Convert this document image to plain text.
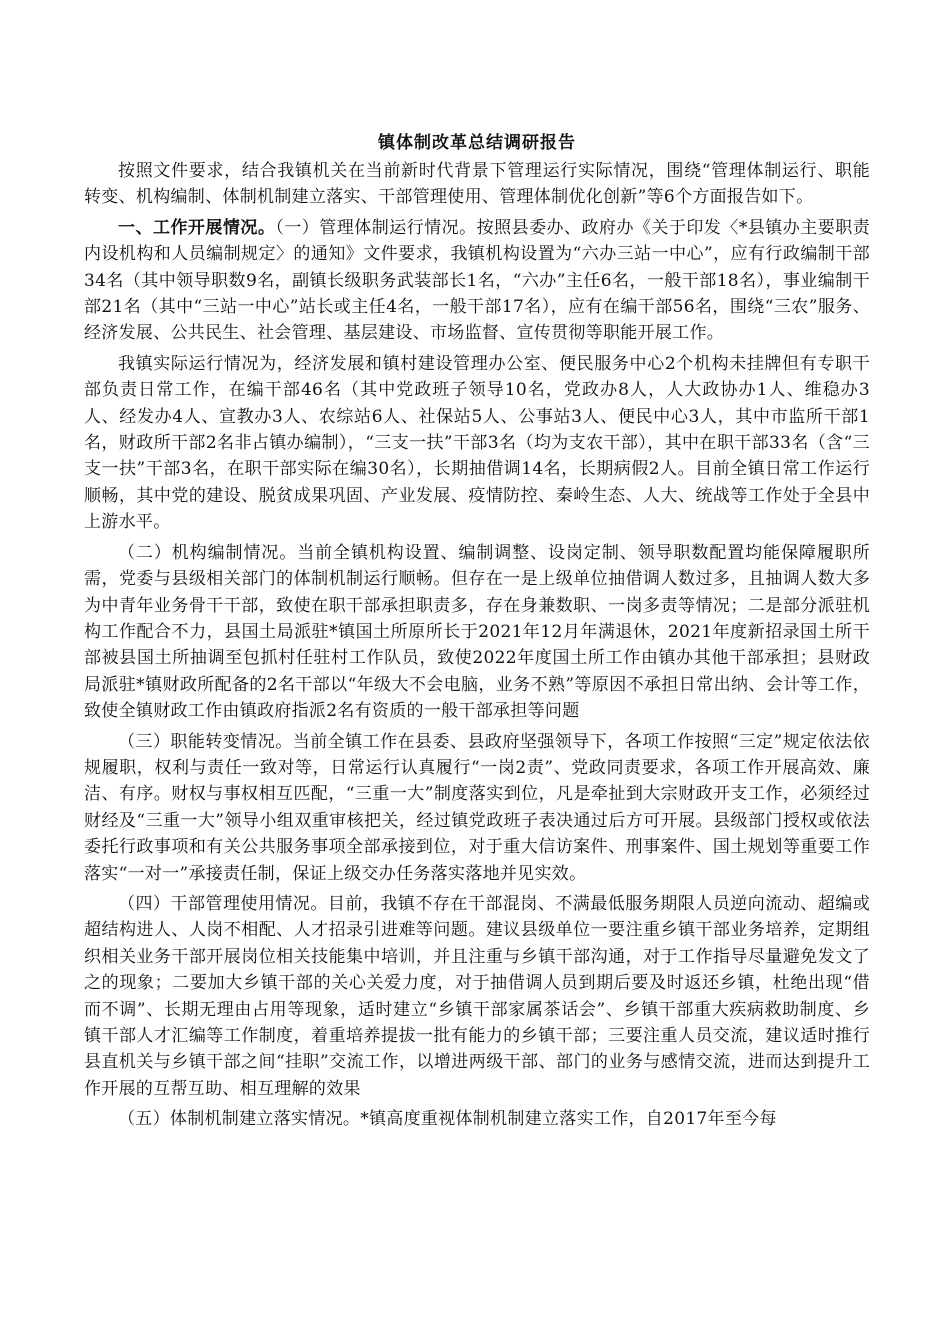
镇体制改革总结调研报告

按照文件要求，结合我镇机关在当前新时代背景下管理运行实际情况，围绕“管理体制运行、职能转变、机构编制、体制机制建立落实、干部管理使用、管理体制优化创新”等6个方面报告如下。

一、工作开展情况。（一）管理体制运行情况。按照县委办、政府办《关于印发〈*县镇办主要职责内设机构和人员编制规定〉的通知》文件要求，我镇机构设置为“六办三站一中心”，应有行政编制干部34名（其中领导职数9名，副镇长级职务武装部长1名，“六办”主任6名，一般干部18名），事业编制干部21名（其中“三站一中心”站长或主任4名，一般干部17名），应有在编干部56名，围绕“三农”服务、经济发展、公共民生、社会管理、基层建设、市场监督、宣传贯彻等职能开展工作。

我镇实际运行情况为，经济发展和镇村建设管理办公室、便民服务中心2个机构未挂牌但有专职干部负责日常工作，在编干部46名（其中党政班子领导10名，党政办8人，人大政协办1人、维稳办3人、经发办4人、宣教办3人、农综站6人、社保站5人、公事站3人、便民中心3人，其中市监所干部1名，财政所干部2名非占镇办编制），“三支一扶”干部3名（均为支农干部），其中在职干部33名（含“三支一扶”干部3名，在职干部实际在编30名），长期抽借调14名，长期病假2人。目前全镇日常工作运行顺畅，其中党的建设、脱贫成果巩固、产业发展、疫情防控、秦岭生态、人大、统战等工作处于全县中上游水平。

（二）机构编制情况。当前全镇机构设置、编制调整、设岗定制、领导职数配置均能保障履职所需，党委与县级相关部门的体制机制运行顺畅。但存在一是上级单位抽借调人数过多，且抽调人数大多为中青年业务骨干干部，致使在职干部承担职责多，存在身兼数职、一岗多责等情况；二是部分派驻机构工作配合不力，县国土局派驻*镇国土所原所长于2021年12月年满退休，2021年度新招录国土所干部被县国土所抽调至包抓村任驻村工作队员，致使2022年度国土所工作由镇办其他干部承担；县财政局派驻*镇财政所配备的2名干部以“年级大不会电脑，业务不熟”等原因不承担日常出纳、会计等工作，致使全镇财政工作由镇政府指派2名有资质的一般干部承担等问题

（三）职能转变情况。当前全镇工作在县委、县政府坚强领导下，各项工作按照“三定”规定依法依规履职，权利与责任一致对等，日常运行认真履行“一岗2责”、党政同责要求，各项工作开展高效、廉洁、有序。财权与事权相互匹配，“三重一大”制度落实到位，凡是牵扯到大宗财政开支工作，必须经过财经及“三重一大”领导小组双重审核把关，经过镇党政班子表决通过后方可开展。县级部门授权或依法委托行政事项和有关公共服务事项全部承接到位，对于重大信访案件、刑事案件、国土规划等重要工作落实“一对一”承接责任制，保证上级交办任务落实落地并见实效。

（四）干部管理使用情况。目前，我镇不存在干部混岗、不满最低服务期限人员逆向流动、超编或超结构进人、人岗不相配、人才招录引进难等问题。建议县级单位一要注重乡镇干部业务培养，定期组织相关业务干部开展岗位相关技能集中培训，并且注重与乡镇干部沟通，对于工作指导尽量避免发文了之的现象；二要加大乡镇干部的关心关爱力度，对于抽借调人员到期后要及时返还乡镇，杜绝出现“借而不调”、长期无理由占用等现象，适时建立“乡镇干部家属茶话会”、乡镇干部重大疾病救助制度、乡镇干部人才汇编等工作制度，着重培养提拔一批有能力的乡镇干部；三要注重人员交流，建议适时推行县直机关与乡镇干部之间“挂职”交流工作，以增进两级干部、部门的业务与感情交流，进而达到提升工作开展的互帮互助、相互理解的效果

（五）体制机制建立落实情况。*镇高度重视体制机制建立落实工作，自2017年至今每
